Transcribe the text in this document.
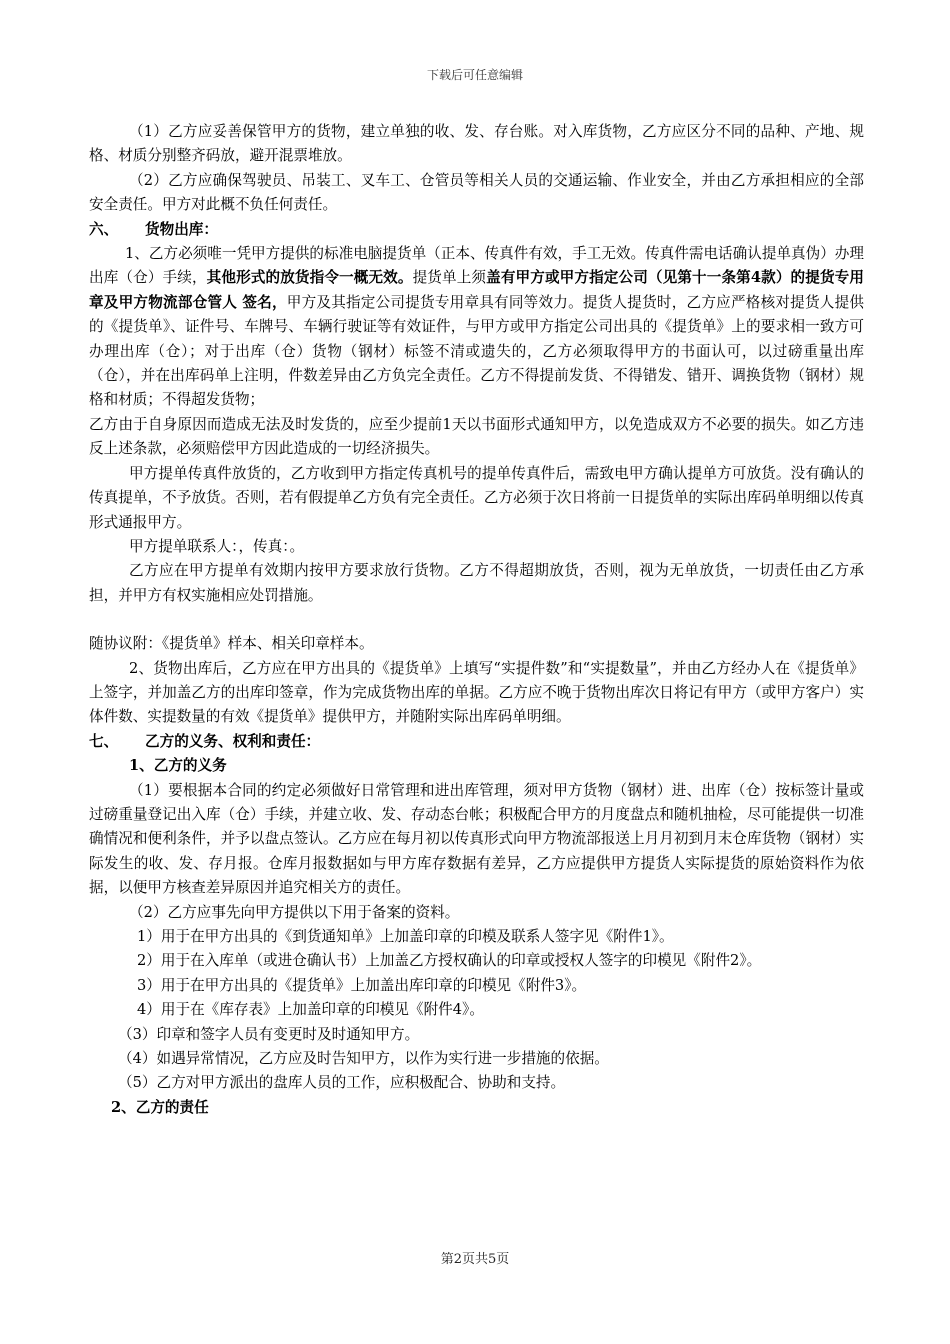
下载后可任意编辑

（1）乙方应妥善保管甲方的货物，建立单独的收、发、存台账。对入库货物，乙方应区分不同的品种、产地、规格、材质分别整齐码放，避开混票堆放。

（2）乙方应确保驾驶员、吊装工、叉车工、仓管员等相关人员的交通运输、作业安全，并由乙方承担相应的全部安全责任。甲方对此概不负任何责任。

六、 货物出库：

1、乙方必须唯一凭甲方提供的标准电脑提货单（正本、传真件有效，手工无效。传真件需电话确认提单真伪）办理出库（仓）手续，其他形式的放货指令一概无效。提货单上须盖有甲方或甲方指定公司（见第十一条第4款）的提货专用章及甲方物流部仓管人 签名，甲方及其指定公司提货专用章具有同等效力。提货人提货时，乙方应严格核对提货人提供的《提货单》、证件号、车牌号、车辆行驶证等有效证件，与甲方或甲方指定公司出具的《提货单》上的要求相一致方可办理出库（仓）；对于出库（仓）货物（钢材）标签不清或遗失的，乙方必须取得甲方的书面认可，以过磅重量出库（仓），并在出库码单上注明，件数差异由乙方负完全责任。乙方不得提前发货、不得错发、错开、调换货物（钢材）规格和材质；不得超发货物；

乙方由于自身原因而造成无法及时发货的，应至少提前1天以书面形式通知甲方，以免造成双方不必要的损失。如乙方违反上述条款，必须赔偿甲方因此造成的一切经济损失。

甲方提单传真件放货的，乙方收到甲方指定传真机号的提单传真件后，需致电甲方确认提单方可放货。没有确认的传真提单，不予放货。否则，若有假提单乙方负有完全责任。乙方必须于次日将前一日提货单的实际出库码单明细以传真形式通报甲方。

甲方提单联系人：，传真：。

乙方应在甲方提单有效期内按甲方要求放行货物。乙方不得超期放货，否则，视为无单放货，一切责任由乙方承担，并甲方有权实施相应处罚措施。

随协议附：《提货单》样本、相关印章样本。

2、货物出库后，乙方应在甲方出具的《提货单》上填写“实提件数”和“实提数量”，并由乙方经办人在《提货单》上签字，并加盖乙方的出库印签章，作为完成货物出库的单据。乙方应不晚于货物出库次日将记有甲方（或甲方客户）实体件数、实提数量的有效《提货单》提供甲方，并随附实际出库码单明细。

七、 乙方的义务、权利和责任：

1、乙方的义务

（1）要根据本合同的约定必须做好日常管理和进出库管理，须对甲方货物（钢材）进、出库（仓）按标签计量或过磅重量登记出入库（仓）手续，并建立收、发、存动态台帐；积极配合甲方的月度盘点和随机抽检，尽可能提供一切准确情况和便利条件，并予以盘点签认。乙方应在每月初以传真形式向甲方物流部报送上月月初到月末仓库货物（钢材）实际发生的收、发、存月报。仓库月报数据如与甲方库存数据有差异，乙方应提供甲方提货人实际提货的原始资料作为依据，以便甲方核查差异原因并追究相关方的责任。

（2）乙方应事先向甲方提供以下用于备案的资料。

1）用于在甲方出具的《到货通知单》上加盖印章的印模及联系人签字见《附件1》。

2）用于在入库单（或进仓确认书）上加盖乙方授权确认的印章或授权人签字的印模见《附件2》。

3）用于在甲方出具的《提货单》上加盖出库印章的印模见《附件3》。

4）用于在《库存表》上加盖印章的印模见《附件4》。

（3）印章和签字人员有变更时及时通知甲方。

（4）如遇异常情况，乙方应及时告知甲方，以作为实行进一步措施的依据。

（5）乙方对甲方派出的盘库人员的工作，应积极配合、协助和支持。

2、乙方的责任

第2页共5页
